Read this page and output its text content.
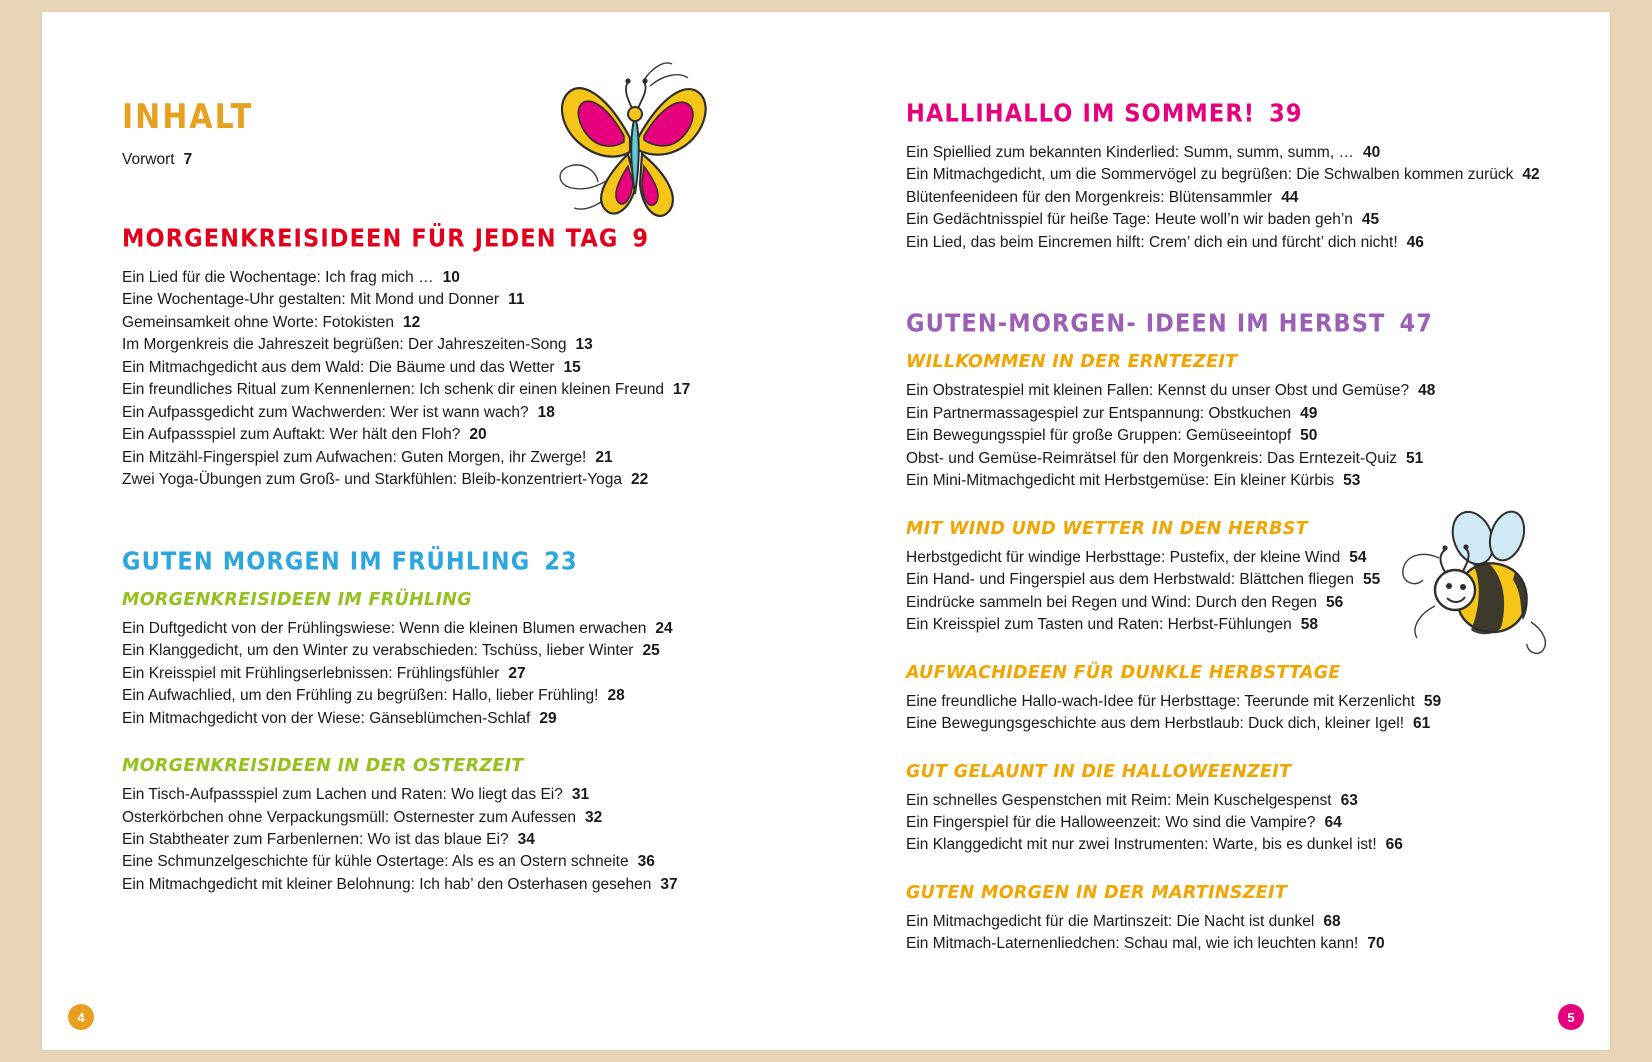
INHALT
Vorwort 7
MORGENKREISIDEEN FÜR JEDEN TAG 9
Ein Lied für die Wochentage: Ich frag mich … 10
Eine Wochentage-Uhr gestalten: Mit Mond und Donner 11
Gemeinsamkeit ohne Worte: Fotokisten 12
Im Morgenkreis die Jahreszeit begrüßen: Der Jahreszeiten-Song 13
Ein Mitmachgedicht aus dem Wald: Die Bäume und das Wetter 15
Ein freundliches Ritual zum Kennenlernen: Ich schenk dir einen kleinen Freund 17
Ein Aufpassgedicht zum Wachwerden: Wer ist wann wach? 18
Ein Aufpassspiel zum Auftakt: Wer hält den Floh? 20
Ein Mitzähl-Fingerspiel zum Aufwachen: Guten Morgen, ihr Zwerge! 21
Zwei Yoga-Übungen zum Groß- und Starkfühlen: Bleib-konzentriert-Yoga 22
GUTEN MORGEN IM FRÜHLING 23
MORGENKREISIDEEN IM FRÜHLING
Ein Duftgedicht von der Frühlingswiese: Wenn die kleinen Blumen erwachen 24
Ein Klanggedicht, um den Winter zu verabschieden: Tschüss, lieber Winter 25
Ein Kreisspiel mit Frühlingserlebnissen: Frühlingsfühler 27
Ein Aufwachlied, um den Frühling zu begrüßen: Hallo, lieber Frühling! 28
Ein Mitmachgedicht von der Wiese: Gänseblümchen-Schlaf 29
MORGENKREISIDEEN IN DER OSTERZEIT
Ein Tisch-Aufpassspiel zum Lachen und Raten: Wo liegt das Ei? 31
Osterkörbchen ohne Verpackungsmüll: Osternester zum Aufessen 32
Ein Stabtheater zum Farbenlernen: Wo ist das blaue Ei? 34
Eine Schmunzelgeschichte für kühle Ostertage: Als es an Ostern schneite 36
Ein Mitmachgedicht mit kleiner Belohnung: Ich hab’ den Osterhasen gesehen 37
4
HALLIHALLO IM SOMMER! 39
Ein Spiellied zum bekannten Kinderlied: Summ, summ, summ, … 40
Ein Mitmachgedicht, um die Sommervögel zu begrüßen: Die Schwalben kommen zurück 42
Blütenfeenideen für den Morgenkreis: Blütensammler 44
Ein Gedächtnisspiel für heiße Tage: Heute woll’n wir baden geh’n 45
Ein Lied, das beim Eincremen hilft: Crem’ dich ein und fürcht’ dich nicht! 46
GUTEN-MORGEN- IDEEN IM HERBST 47
WILLKOMMEN IN DER ERNTEZEIT
Ein Obstratespiel mit kleinen Fallen: Kennst du unser Obst und Gemüse? 48
Ein Partnermassagespiel zur Entspannung: Obstkuchen 49
Ein Bewegungsspiel für große Gruppen: Gemüseeintopf 50
Obst- und Gemüse-Reimrätsel für den Morgenkreis: Das Erntezeit-Quiz 51
Ein Mini-Mitmachgedicht mit Herbstgemüse: Ein kleiner Kürbis 53
MIT WIND UND WETTER IN DEN HERBST
Herbstgedicht für windige Herbsttage: Pustefix, der kleine Wind 54
Ein Hand- und Fingerspiel aus dem Herbstwald: Blättchen fliegen 55
Eindrücke sammeln bei Regen und Wind: Durch den Regen 56
Ein Kreisspiel zum Tasten und Raten: Herbst-Fühlungen 58
AUFWACHIDEEN FÜR DUNKLE HERBSTTAGE
Eine freundliche Hallo-wach-Idee für Herbsttage: Teerunde mit Kerzenlicht 59
Eine Bewegungsgeschichte aus dem Herbstlaub: Duck dich, kleiner Igel! 61
GUT GELAUNT IN DIE HALLOWEENZEIT
Ein schnelles Gespenstchen mit Reim: Mein Kuschelgespenst 63
Ein Fingerspiel für die Halloweenzeit: Wo sind die Vampire? 64
Ein Klanggedicht mit nur zwei Instrumenten: Warte, bis es dunkel ist! 66
GUTEN MORGEN IN DER MARTINSZEIT
Ein Mitmachgedicht für die Martinszeit: Die Nacht ist dunkel 68
Ein Mitmach-Laternenliedchen: Schau mal, wie ich leuchten kann! 70
5
